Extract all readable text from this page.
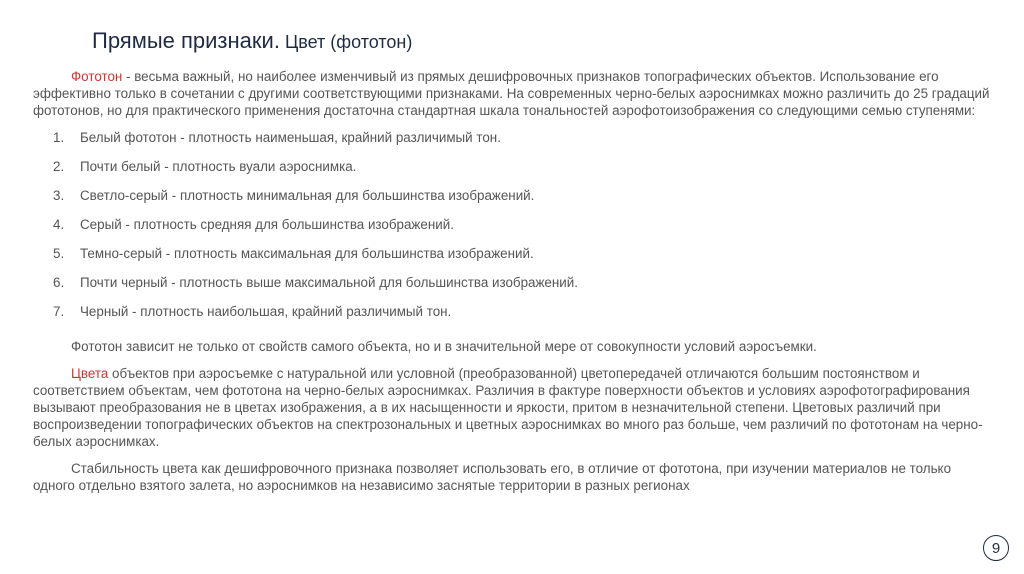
Прямые признаки. Цвет (фототон)

Фототон - весьма важный, но наиболее изменчивый из прямых дешифровочных признаков топографических объектов. Использование его эффективно только в сочетании с другими соответствующими признаками. На современных черно-белых аэроснимках можно различить до 25 градаций фототонов, но для практического применения достаточна стандартная шкала тональностей аэрофотоизображения со следующими семью ступенями:

1.	Белый фототон - плотность наименьшая, крайний различимый тон.
2.	Почти белый - плотность вуали аэроснимка.
3.	Светло-серый - плотность минимальная для большинства изображений.
4.	Серый - плотность средняя для большинства изображений.
5.	Темно-серый - плотность максимальная для большинства изображений.
6.	Почти черный - плотность выше максимальной для большинства изображений.
7.	Черный - плотность наибольшая, крайний различимый тон.

Фототон зависит не только от свойств самого объекта, но и в значительной мере от совокупности условий аэросъемки.

Цвета объектов при аэросъемке с натуральной или условной (преобразованной) цветопередачей отличаются большим постоянством и соответствием объектам, чем фототона на черно-белых аэроснимках. Различия в фактуре поверхности объектов и условиях аэрофотографирования вызывают преобразования не в цветах изображения, а в их насыщенности и яркости, притом в незначительной степени. Цветовых различий при воспроизведении топографических объектов на спектрозональных и цветных аэроснимках во много раз больше, чем различий по фототонам на черно-белых аэроснимках.

Стабильность цвета как дешифровочного признака позволяет использовать его, в отличие от фототона, при изучении материалов не только одного отдельно взятого залета, но аэроснимков на независимо заснятые территории в разных регионах

9
